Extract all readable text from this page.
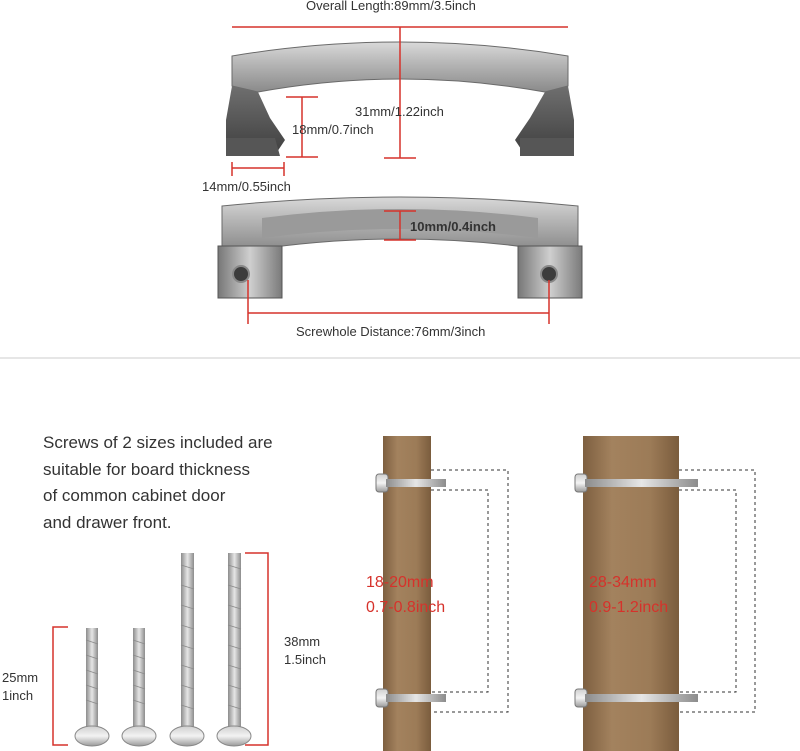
Overall Length:89mm/3.5inch
31mm/1.22inch
18mm/0.7inch
14mm/0.55inch
10mm/0.4inch
Screwhole Distance:76mm/3inch
Screws of 2 sizes included are
suitable for board thickness
of common cabinet door
and drawer front.
25mm
1inch
38mm
1.5inch
18-20mm
0.7-0.8inch
28-34mm
0.9-1.2inch
